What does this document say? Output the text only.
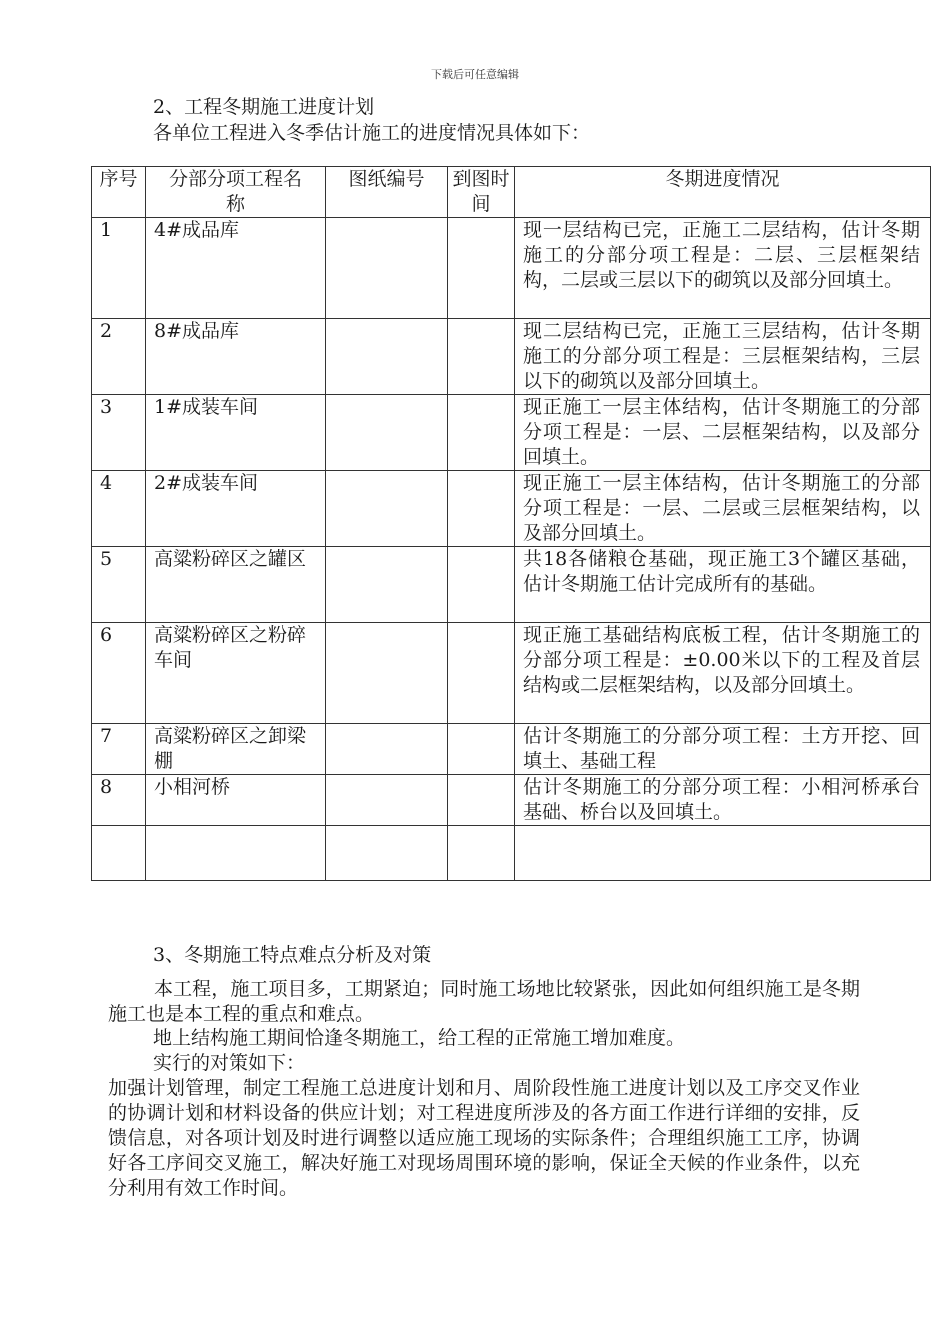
下载后可任意编辑
2、工程冬期施工进度计划
各单位工程进入冬季估计施工的进度情况具体如下：
序号	分部分项工程名　　称	图纸编号	到图时间	冬期进度情况
1	4#成品库			现一层结构已完，正施工二层结构，估计冬期施工的分部分项工程是：二层、三层框架结构，二层或三层以下的砌筑以及部分回填土。
2	8#成品库			现二层结构已完，正施工三层结构，估计冬期施工的分部分项工程是：三层框架结构，三层以下的砌筑以及部分回填土。
3	1#成装车间			现正施工一层主体结构，估计冬期施工的分部分项工程是：一层、二层框架结构，以及部分回填土。
4	2#成装车间			现正施工一层主体结构，估计冬期施工的分部分项工程是：一层、二层或三层框架结构，以及部分回填土。
5	高粱粉碎区之罐区			共18各储粮仓基础，现正施工3个罐区基础，估计冬期施工估计完成所有的基础。
6	高粱粉碎区之粉碎车间			现正施工基础结构底板工程，估计冬期施工的分部分项工程是：±0.00米以下的工程及首层结构或二层框架结构，以及部分回填土。
7	高粱粉碎区之卸梁棚			估计冬期施工的分部分项工程：土方开挖、回填土、基础工程
8	小相河桥			估计冬期施工的分部分项工程：小相河桥承台基础、桥台以及回填土。

3、冬期施工特点难点分析及对策
本工程，施工项目多，工期紧迫；同时施工场地比较紧张，因此如何组织施工是冬期施工也是本工程的重点和难点。
地上结构施工期间恰逢冬期施工，给工程的正常施工增加难度。
实行的对策如下：
加强计划管理，制定工程施工总进度计划和月、周阶段性施工进度计划以及工序交叉作业的协调计划和材料设备的供应计划；对工程进度所涉及的各方面工作进行详细的安排，反馈信息，对各项计划及时进行调整以适应施工现场的实际条件；合理组织施工工序，协调好各工序间交叉施工，解决好施工对现场周围环境的影响，保证全天候的作业条件，以充分利用有效工作时间。
